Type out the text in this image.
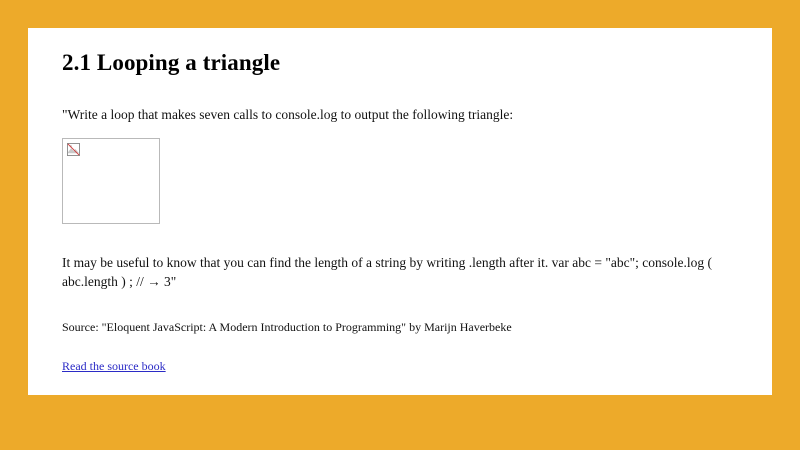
2.1 Looping a triangle

"Write a loop that makes seven calls to console.log to output the following triangle:

It may be useful to know that you can find the length of a string by writing .length after it. var abc = "abc"; console.log ( abc.length ) ; // → 3"

Source: "Eloquent JavaScript: A Modern Introduction to Programming" by Marijn Haverbeke

Read the source book
